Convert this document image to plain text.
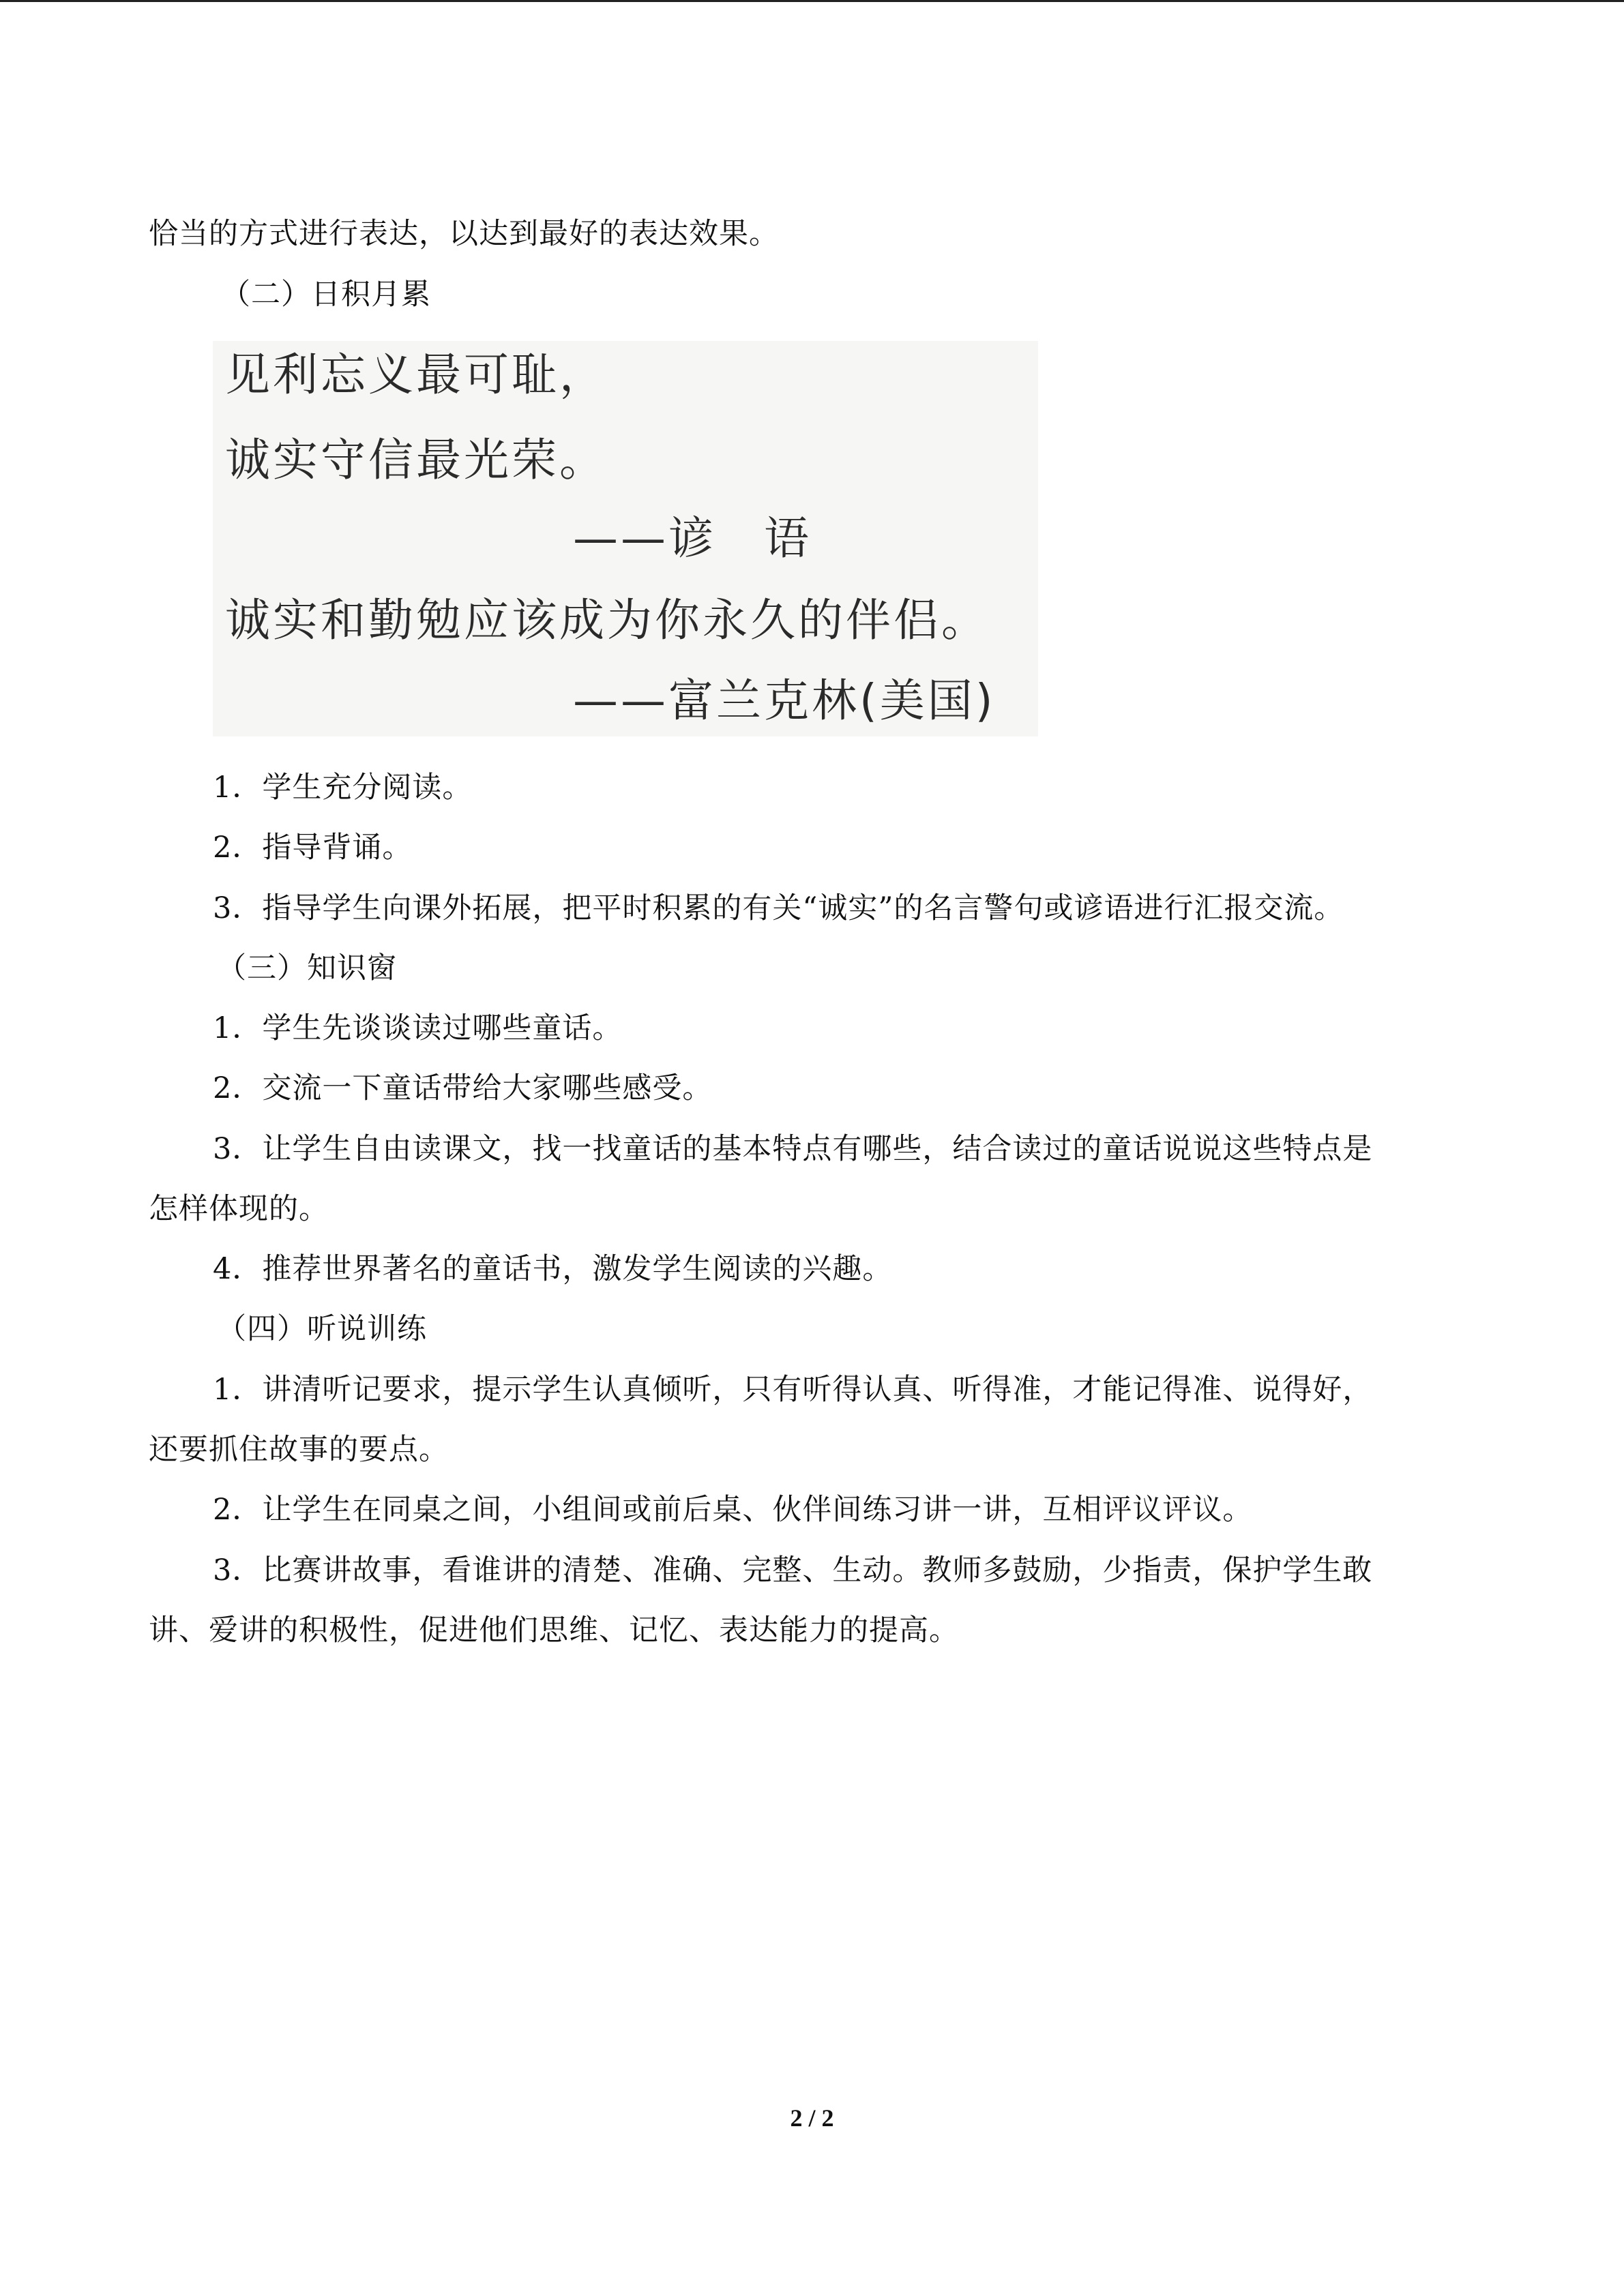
恰当的方式进行表达，以达到最好的表达效果。
（二）日积月累
见利忘义最可耻，
诚实守信最光荣。
——谚　语
诚实和勤勉应该成为你永久的伴侣。
——富兰克林(美国)
1．学生充分阅读。
2．指导背诵。
3．指导学生向课外拓展，把平时积累的有关“诚实”的名言警句或谚语进行汇报交流。
（三）知识窗
1．学生先谈谈读过哪些童话。
2．交流一下童话带给大家哪些感受。
3．让学生自由读课文，找一找童话的基本特点有哪些，结合读过的童话说说这些特点是
怎样体现的。
4．推荐世界著名的童话书，激发学生阅读的兴趣。
（四）听说训练
1．讲清听记要求，提示学生认真倾听，只有听得认真、听得准，才能记得准、说得好，
还要抓住故事的要点。
2．让学生在同桌之间，小组间或前后桌、伙伴间练习讲一讲，互相评议评议。
3．比赛讲故事，看谁讲的清楚、准确、完整、生动。教师多鼓励，少指责，保护学生敢
讲、爱讲的积极性，促进他们思维、记忆、表达能力的提高。
2 / 2
